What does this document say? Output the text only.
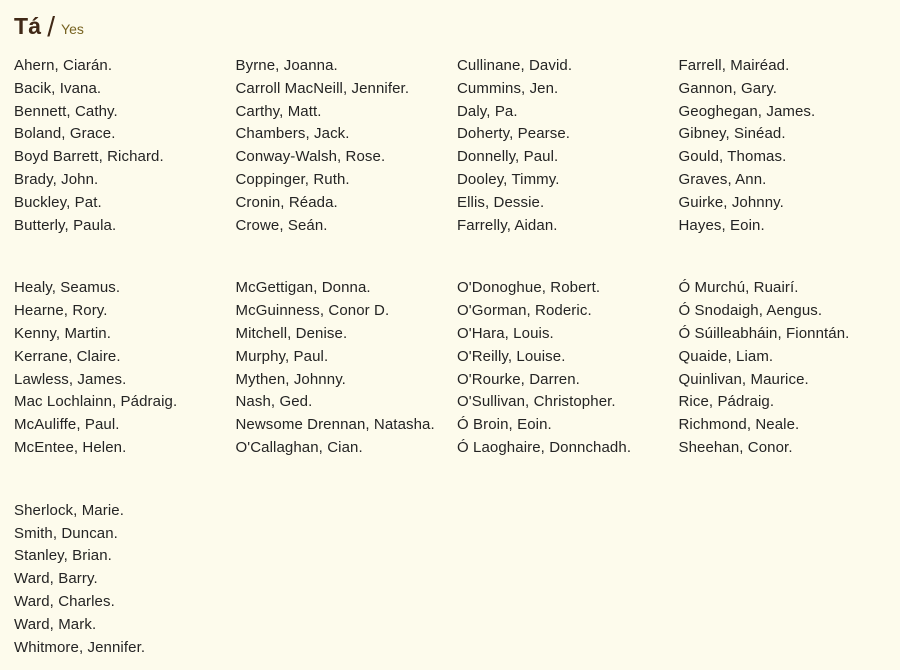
Tá / Yes
Ahern, Ciarán.
Bacik, Ivana.
Bennett, Cathy.
Boland, Grace.
Boyd Barrett, Richard.
Brady, John.
Buckley, Pat.
Butterly, Paula.
Byrne, Joanna.
Carroll MacNeill, Jennifer.
Carthy, Matt.
Chambers, Jack.
Conway-Walsh, Rose.
Coppinger, Ruth.
Cronin, Réada.
Crowe, Seán.
Cullinane, David.
Cummins, Jen.
Daly, Pa.
Doherty, Pearse.
Donnelly, Paul.
Dooley, Timmy.
Ellis, Dessie.
Farrelly, Aidan.
Farrell, Mairéad.
Gannon, Gary.
Geoghegan, James.
Gibney, Sinéad.
Gould, Thomas.
Graves, Ann.
Guirke, Johnny.
Hayes, Eoin.
Healy, Seamus.
Hearne, Rory.
Kenny, Martin.
Kerrane, Claire.
Lawless, James.
Mac Lochlainn, Pádraig.
McAuliffe, Paul.
McEntee, Helen.
McGettigan, Donna.
McGuinness, Conor D.
Mitchell, Denise.
Murphy, Paul.
Mythen, Johnny.
Nash, Ged.
Newsome Drennan, Natasha.
O'Callaghan, Cian.
O'Donoghue, Robert.
O'Gorman, Roderic.
O'Hara, Louis.
O'Reilly, Louise.
O'Rourke, Darren.
O'Sullivan, Christopher.
Ó Broin, Eoin.
Ó Laoghaire, Donnchadh.
Ó Murchú, Ruairí.
Ó Snodaigh, Aengus.
Ó Súilleabháin, Fionntán.
Quaide, Liam.
Quinlivan, Maurice.
Rice, Pádraig.
Richmond, Neale.
Sheehan, Conor.
Sherlock, Marie.
Smith, Duncan.
Stanley, Brian.
Ward, Barry.
Ward, Charles.
Ward, Mark.
Whitmore, Jennifer.
